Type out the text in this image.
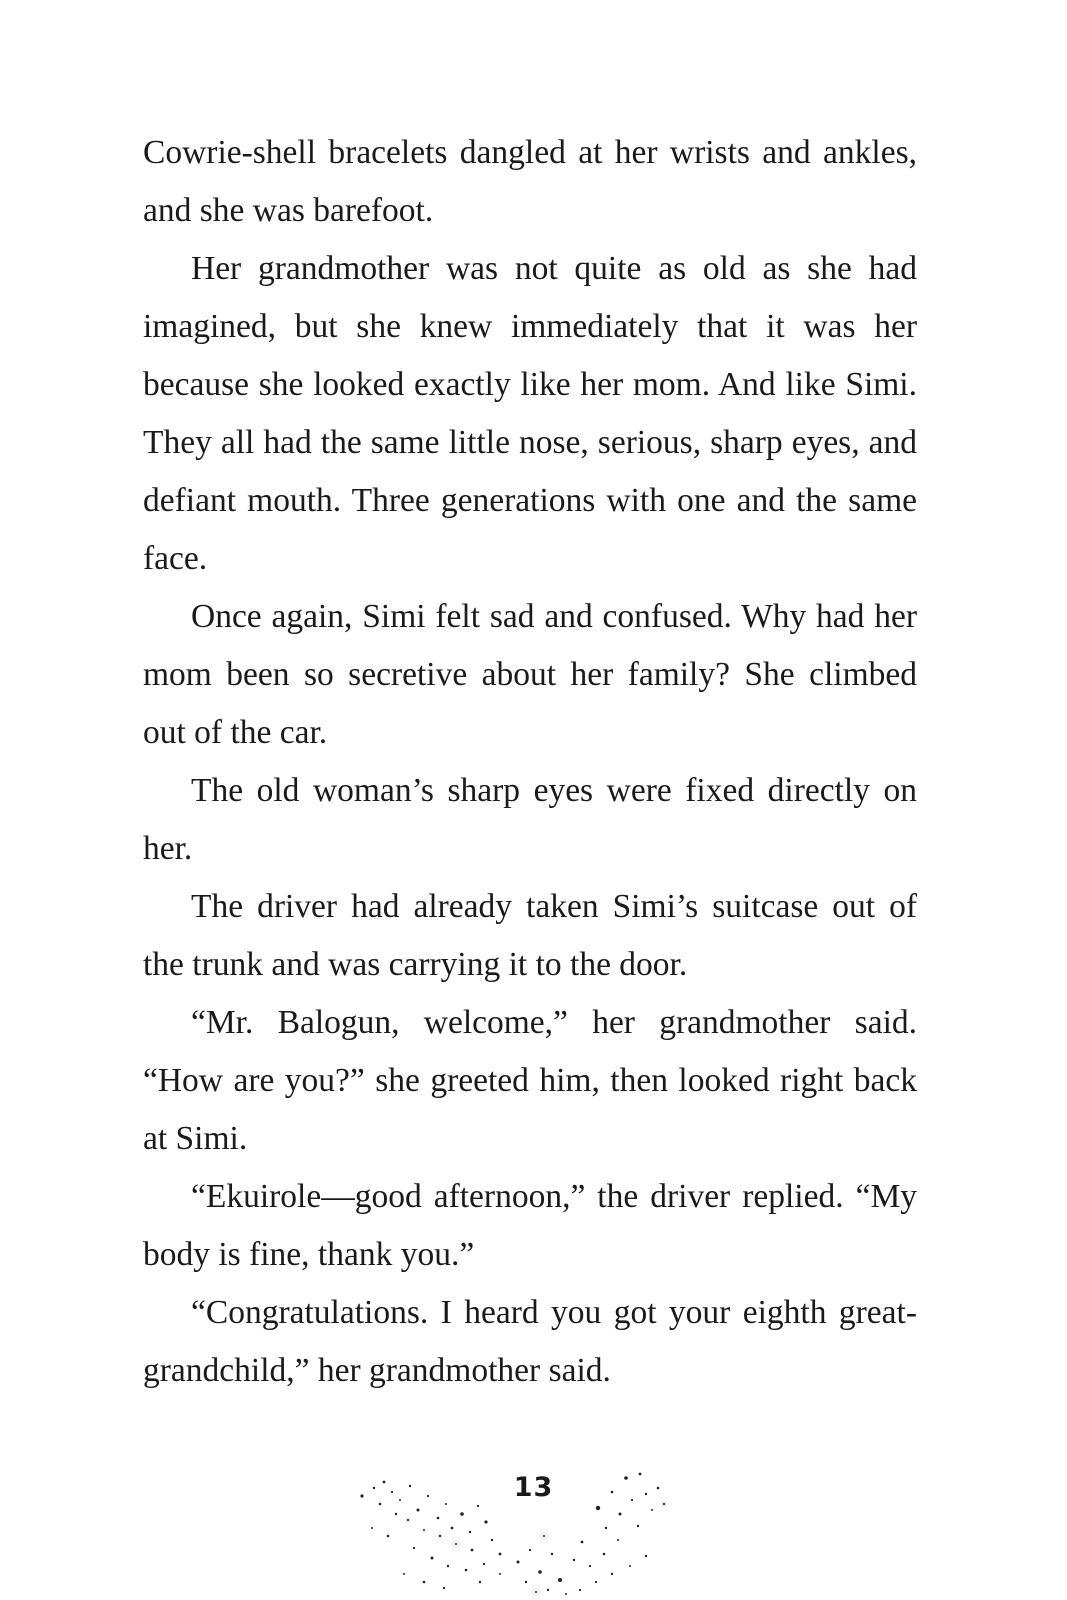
Cowrie-shell bracelets dangled at her wrists and ankles, and she was barefoot.

Her grandmother was not quite as old as she had imagined, but she knew immediately that it was her because she looked exactly like her mom. And like Simi. They all had the same little nose, serious, sharp eyes, and defiant mouth. Three generations with one and the same face.

Once again, Simi felt sad and confused. Why had her mom been so secretive about her family? She climbed out of the car.

The old woman’s sharp eyes were fixed directly on her.

The driver had already taken Simi’s suitcase out of the trunk and was carrying it to the door.

“Mr. Balogun, welcome,” her grandmother said. “How are you?” she greeted him, then looked right back at Simi.

“Ekuirole—good afternoon,” the driver replied. “My body is fine, thank you.”

“Congratulations. I heard you got your eighth great-grandchild,” her grandmother said.

13
